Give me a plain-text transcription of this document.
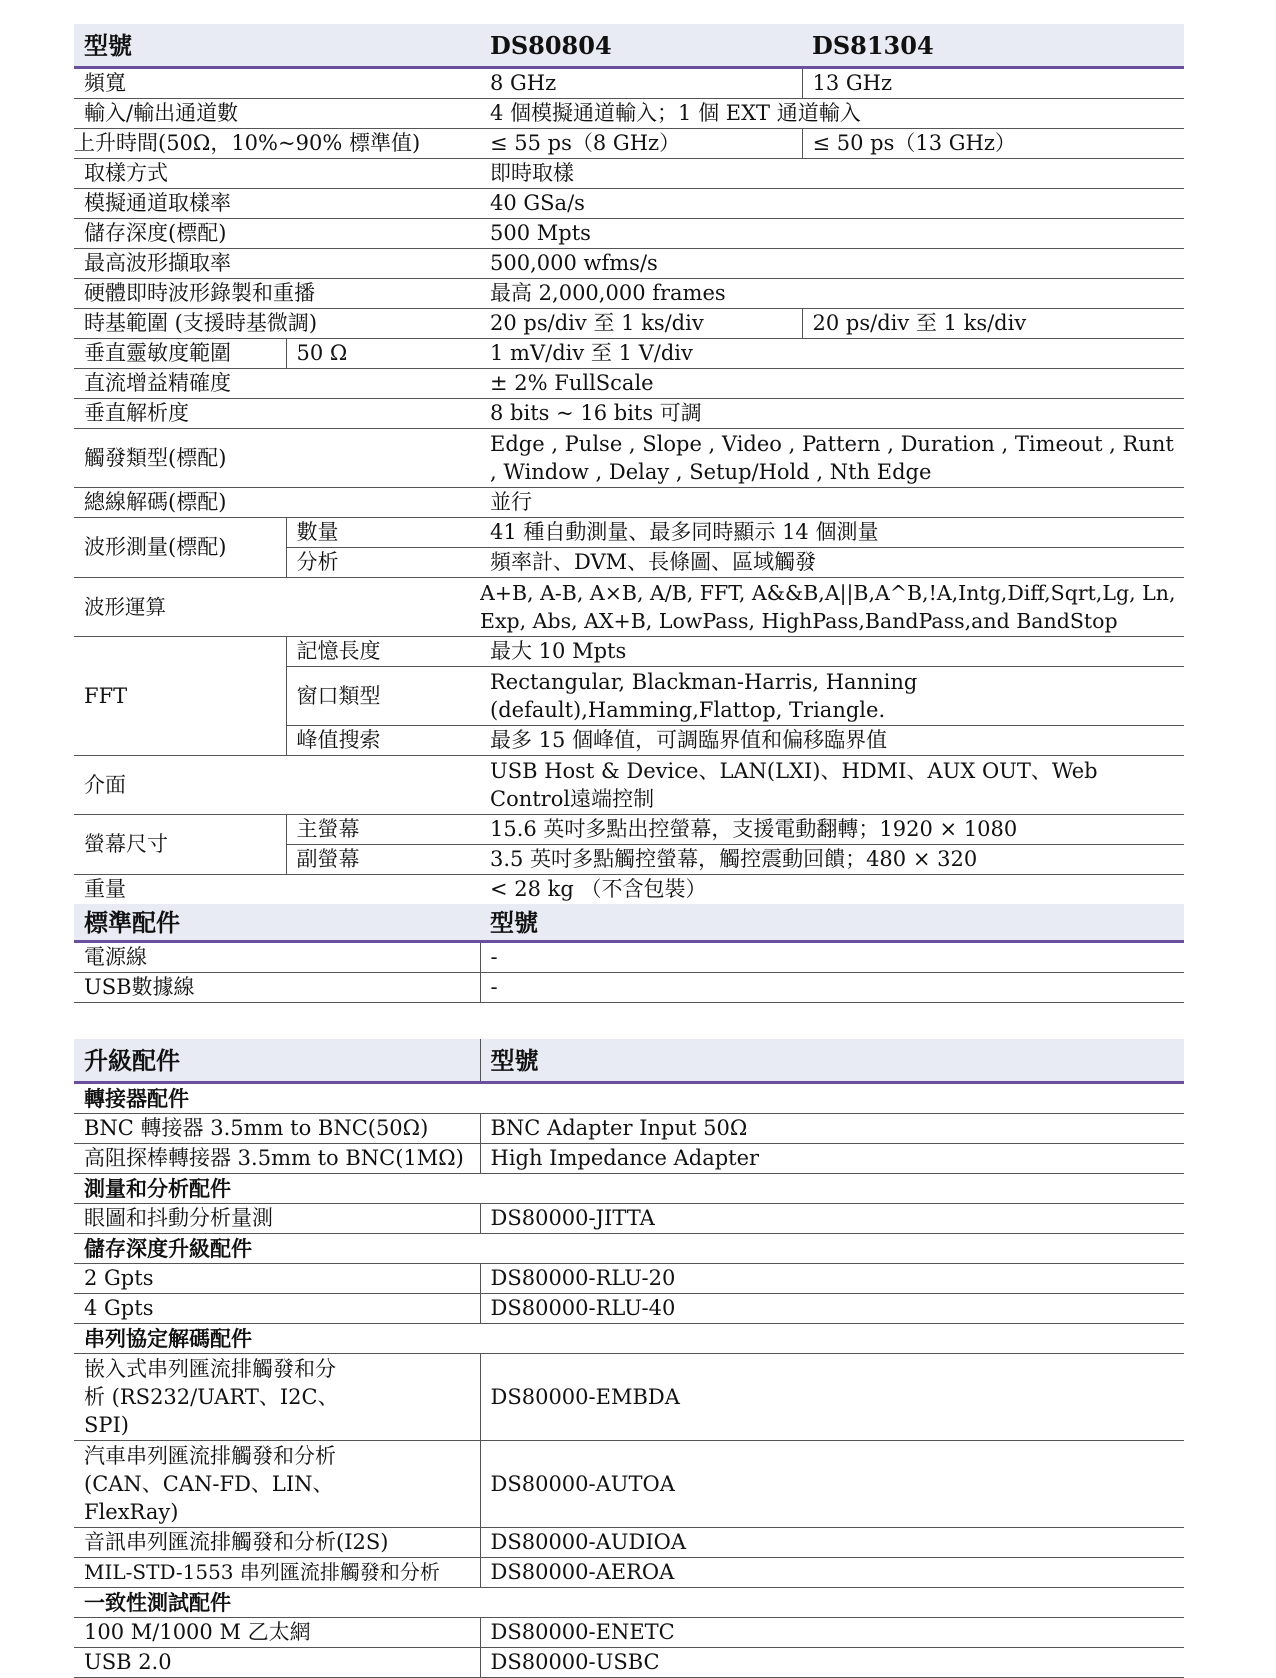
型號		DS80804	DS81304
頻寬		8 GHz	13 GHz
輸入/輸出通道數		4 個模擬通道輸入；1 個 EXT 通道輸入	
上升時間(50Ω，10%~90% 標準值)		≤ 55 ps（8 GHz）	≤ 50 ps（13 GHz）
取樣方式		即時取樣	
模擬通道取樣率		40 GSa/s	
儲存深度(標配)		500 Mpts	
最高波形擷取率		500,000 wfms/s	
硬體即時波形錄製和重播		最高 2,000,000 frames	
時基範圍 (支援時基微調)		20 ps/div 至 1 ks/div	20 ps/div 至 1 ks/div
垂直靈敏度範圍	50 Ω	1 mV/div 至 1 V/div	
直流增益精確度		± 2% FullScale	
垂直解析度		8 bits ~ 16 bits 可調	
觸發類型(標配)		Edge , Pulse , Slope , Video , Pattern , Duration , Timeout , Runt , Window , Delay , Setup/Hold , Nth Edge	
總線解碼(標配)		並行	
波形測量(標配)	數量	41 種自動測量、最多同時顯示 14 個測量	
	分析	頻率計、DVM、長條圖、區域觸發	
波形運算		A+B, A-B, A×B, A/B, FFT, A&&B,A||B,A^B,!A,Intg,Diff,Sqrt,Lg, Ln, Exp, Abs, AX+B, LowPass, HighPass,BandPass,and BandStop	
FFT	記憶長度	最大 10 Mpts	
	窗口類型	Rectangular, Blackman-Harris, Hanning (default),Hamming,Flattop, Triangle.	
	峰值搜索	最多 15 個峰值，可調臨界值和偏移臨界值	
介面		USB Host & Device、LAN(LXI)、HDMI、AUX OUT、Web Control遠端控制	
螢幕尺寸	主螢幕	15.6 英吋多點出控螢幕，支援電動翻轉；1920 × 1080	
	副螢幕	3.5 英吋多點觸控螢幕，觸控震動回饋；480 × 320	
重量		< 28 kg （不含包裝）	
標準配件	型號
電源線	-
USB數據線	-
升級配件	型號
轉接器配件	
BNC 轉接器 3.5mm to BNC(50Ω)	BNC Adapter Input 50Ω
高阻探棒轉接器 3.5mm to BNC(1MΩ)	High Impedance Adapter
測量和分析配件	
眼圖和抖動分析量測	DS80000-JITTA
儲存深度升級配件	
2 Gpts	DS80000-RLU-20
4 Gpts	DS80000-RLU-40
串列協定解碼配件	
嵌入式串列匯流排觸發和分析 (RS232/UART、I2C、SPI)	DS80000-EMBDA
汽車串列匯流排觸發和分析 (CAN、CAN-FD、LIN、FlexRay)	DS80000-AUTOA
音訊串列匯流排觸發和分析(I2S)	DS80000-AUDIOA
MIL-STD-1553 串列匯流排觸發和分析	DS80000-AEROA
一致性測試配件	
100 M/1000 M 乙太網	DS80000-ENETC
USB 2.0	DS80000-USBC
